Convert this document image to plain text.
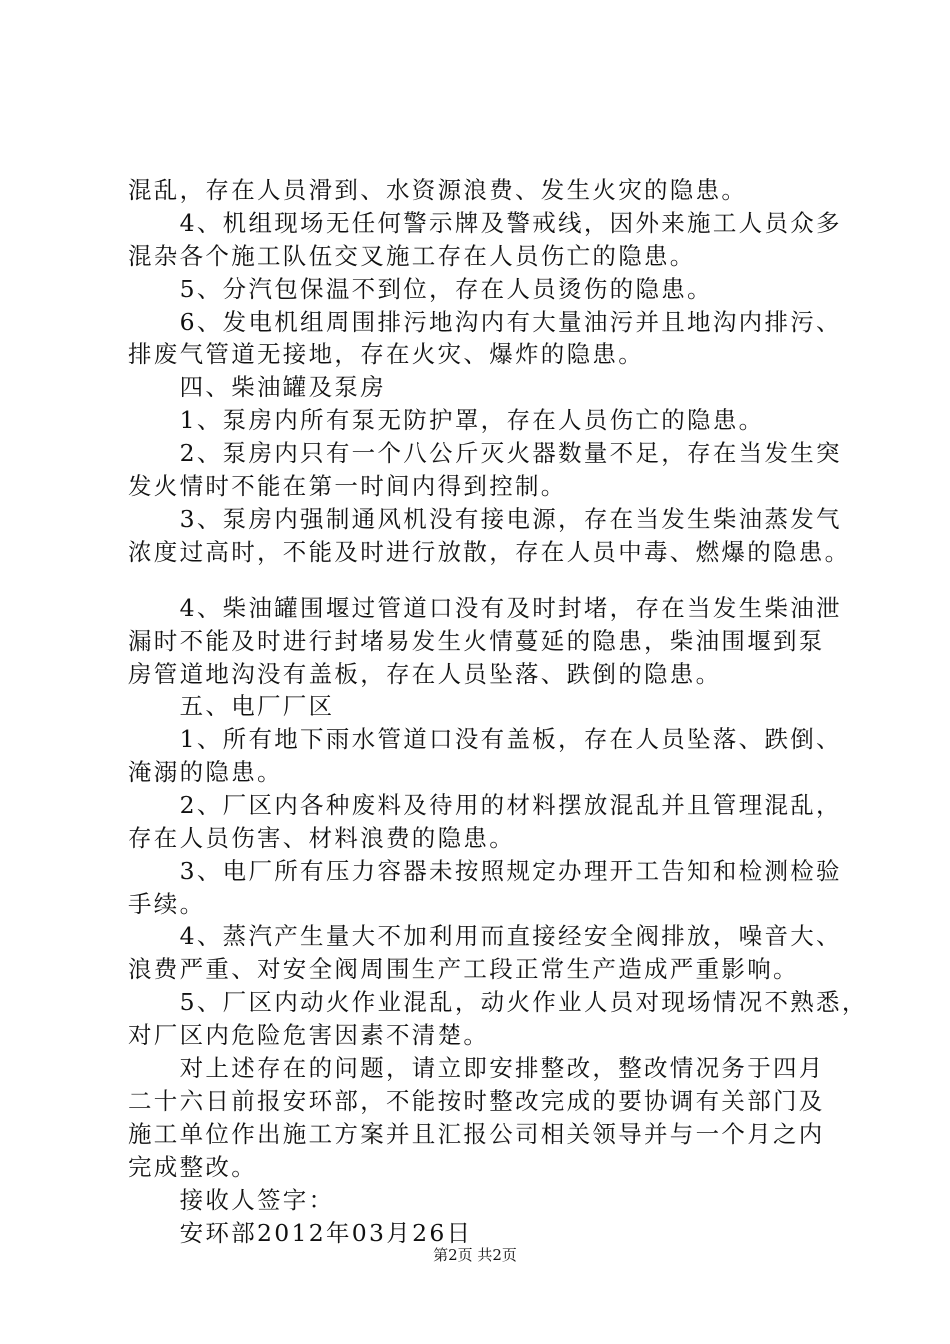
混乱，存在人员滑到、水资源浪费、发生火灾的隐患。
　　4、机组现场无任何警示牌及警戒线，因外来施工人员众多
混杂各个施工队伍交叉施工存在人员伤亡的隐患。
　　5、分汽包保温不到位，存在人员烫伤的隐患。
　　6、发电机组周围排污地沟内有大量油污并且地沟内排污、
排废气管道无接地，存在火灾、爆炸的隐患。
　　四、柴油罐及泵房
　　1、泵房内所有泵无防护罩，存在人员伤亡的隐患。
　　2、泵房内只有一个八公斤灭火器数量不足，存在当发生突
发火情时不能在第一时间内得到控制。
　　3、泵房内强制通风机没有接电源，存在当发生柴油蒸发气
浓度过高时，不能及时进行放散，存在人员中毒、燃爆的隐患。
　　4、柴油罐围堰过管道口没有及时封堵，存在当发生柴油泄
漏时不能及时进行封堵易发生火情蔓延的隐患，柴油围堰到泵
房管道地沟没有盖板，存在人员坠落、跌倒的隐患。
　　五、电厂厂区
　　1、所有地下雨水管道口没有盖板，存在人员坠落、跌倒、
淹溺的隐患。
　　2、厂区内各种废料及待用的材料摆放混乱并且管理混乱，
存在人员伤害、材料浪费的隐患。
　　3、电厂所有压力容器未按照规定办理开工告知和检测检验
手续。
　　4、蒸汽产生量大不加利用而直接经安全阀排放，噪音大、
浪费严重、对安全阀周围生产工段正常生产造成严重影响。
　　5、厂区内动火作业混乱，动火作业人员对现场情况不熟悉，
对厂区内危险危害因素不清楚。
　　对上述存在的问题，请立即安排整改，整改情况务于四月
二十六日前报安环部，不能按时整改完成的要协调有关部门及
施工单位作出施工方案并且汇报公司相关领导并与一个月之内
完成整改。
　　接收人签字：
　　安环部2012年03月26日
第2页 共2页
